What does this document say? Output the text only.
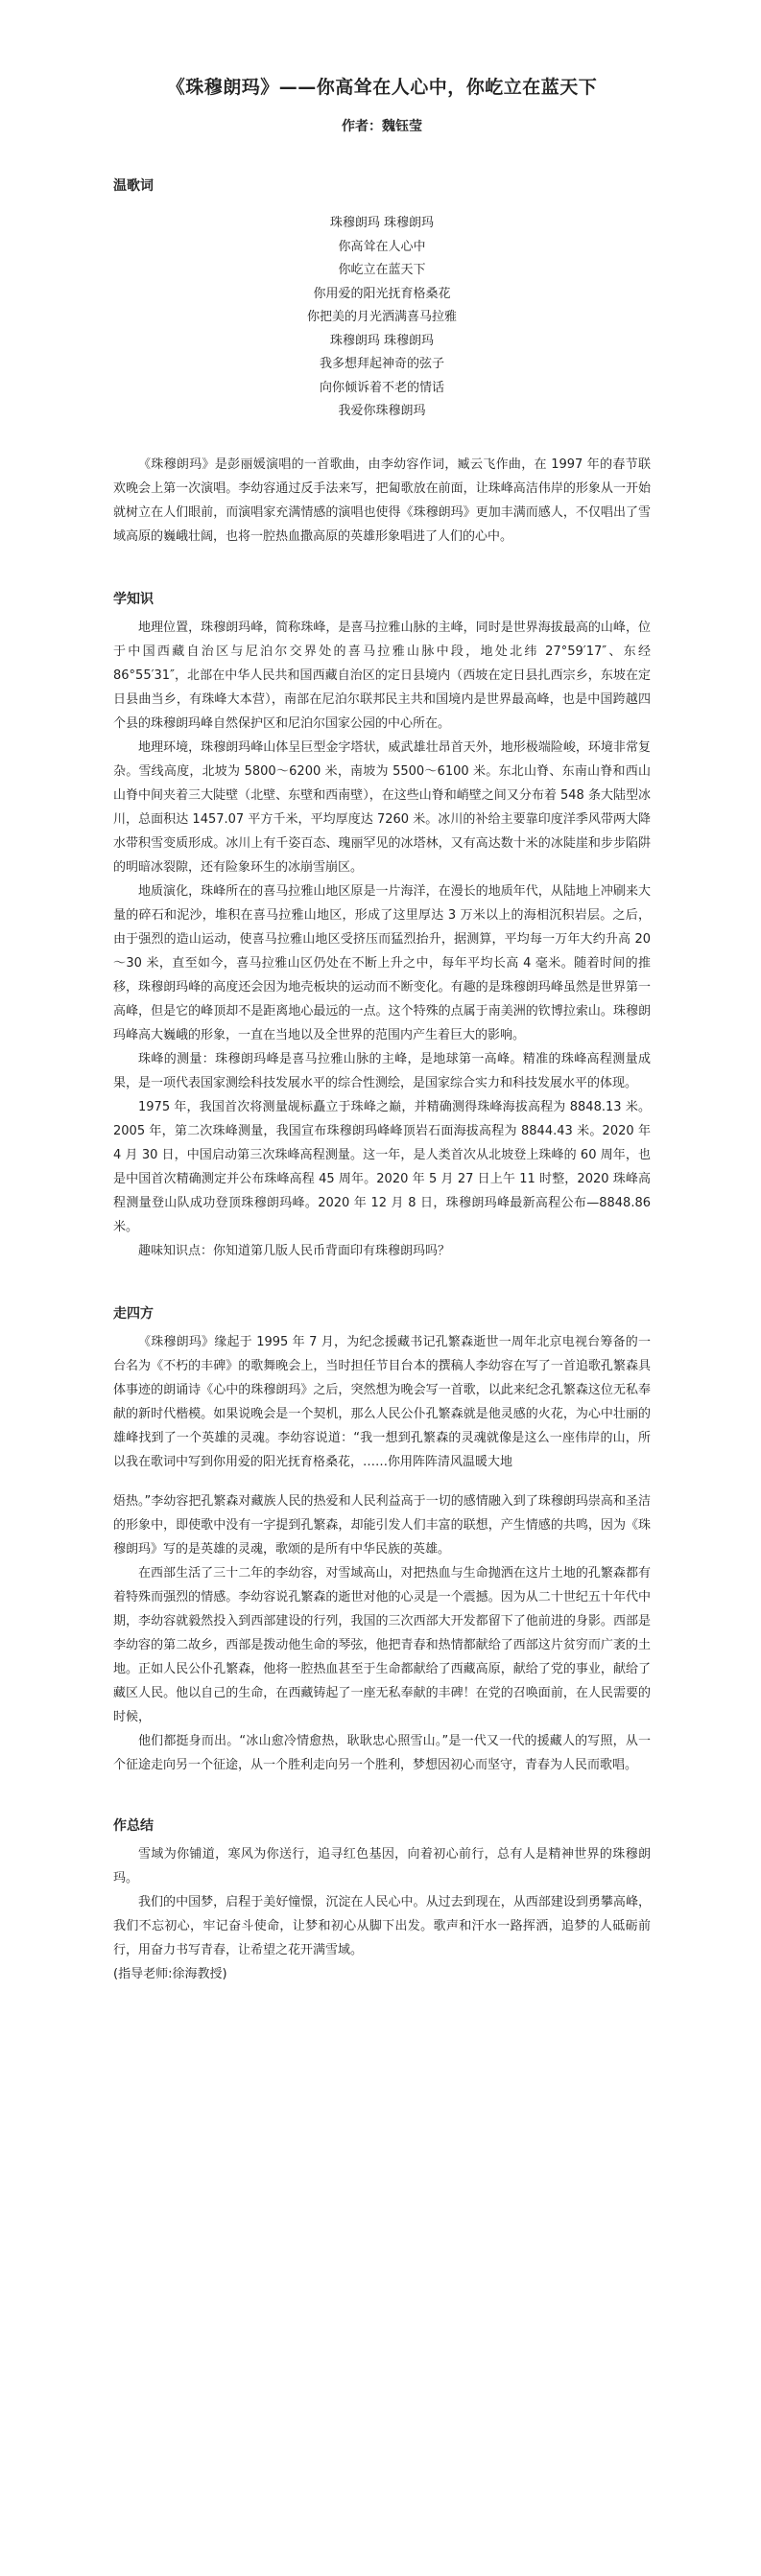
《珠穆朗玛》——你高耸在人心中，你屹立在蓝天下
作者：魏钰莹
温歌词
珠穆朗玛 珠穆朗玛
你高耸在人心中
你屹立在蓝天下
你用爱的阳光抚育格桑花
你把美的月光洒满喜马拉雅
珠穆朗玛 珠穆朗玛
我多想拜起神奇的弦子
向你倾诉着不老的情话
我爱你珠穆朗玛

《珠穆朗玛》是彭丽媛演唱的一首歌曲，由李幼容作词，臧云飞作曲，在 1997 年的春节联欢晚会上第一次演唱。李幼容通过反手法来写，把匐歌放在前面，让珠峰高洁伟岸的形象从一开始就树立在人们眼前，而演唱家充满情感的演唱也使得《珠穆朗玛》更加丰满而感人，不仅唱出了雪域高原的巍峨壮阔，也将一腔热血撒高原的英雄形象唱进了人们的心中。

学知识

地理位置，珠穆朗玛峰，简称珠峰，是喜马拉雅山脉的主峰，同时是世界海拔最高的山峰，位于中国西藏自治区与尼泊尔交界处的喜马拉雅山脉中段，地处北纬 27°59′17″、东经 86°55′31″，北部在中华人民共和国西藏自治区的定日县境内（西坡在定日县扎西宗乡，东坡在定日县曲当乡，有珠峰大本营），南部在尼泊尔联邦民主共和国境内是世界最高峰，也是中国跨越四个县的珠穆朗玛峰自然保护区和尼泊尔国家公园的中心所在。

地理环境，珠穆朗玛峰山体呈巨型金字塔状，威武雄壮昂首天外，地形极端险峻，环境非常复杂。雪线高度，北坡为 5800～6200 米，南坡为 5500～6100 米。东北山脊、东南山脊和西山山脊中间夹着三大陡壁（北壁、东壁和西南壁），在这些山脊和峭壁之间又分布着 548 条大陆型冰川，总面积达 1457.07 平方千米，平均厚度达 7260 米。冰川的补给主要靠印度洋季风带两大降水带积雪变质形成。冰川上有千姿百态、瑰丽罕见的冰塔林，又有高达数十米的冰陡崖和步步陷阱的明暗冰裂隙，还有险象环生的冰崩雪崩区。

地质演化，珠峰所在的喜马拉雅山地区原是一片海洋，在漫长的地质年代，从陆地上冲刷来大量的碎石和泥沙，堆积在喜马拉雅山地区，形成了这里厚达 3 万米以上的海相沉积岩层。之后，由于强烈的造山运动，使喜马拉雅山地区受挤压而猛烈抬升，据测算，平均每一万年大约升高 20～30 米，直至如今，喜马拉雅山区仍处在不断上升之中，每年平均长高 4 毫米。随着时间的推移，珠穆朗玛峰的高度还会因为地壳板块的运动而不断变化。有趣的是珠穆朗玛峰虽然是世界第一高峰，但是它的峰顶却不是距离地心最远的一点。这个特殊的点属于南美洲的钦博拉索山。珠穆朗玛峰高大巍峨的形象，一直在当地以及全世界的范围内产生着巨大的影响。

珠峰的测量：珠穆朗玛峰是喜马拉雅山脉的主峰，是地球第一高峰。精准的珠峰高程测量成果，是一项代表国家测绘科技发展水平的综合性测绘，是国家综合实力和科技发展水平的体现。

1975 年，我国首次将测量觇标矗立于珠峰之巅，并精确测得珠峰海拔高程为 8848.13 米。2005 年，第二次珠峰测量，我国宣布珠穆朗玛峰峰顶岩石面海拔高程为 8844.43 米。2020 年 4 月 30 日，中国启动第三次珠峰高程测量。这一年，是人类首次从北坡登上珠峰的 60 周年，也是中国首次精确测定并公布珠峰高程 45 周年。2020 年 5 月 27 日上午 11 时整，2020 珠峰高程测量登山队成功登顶珠穆朗玛峰。2020 年 12 月 8 日，珠穆朗玛峰最新高程公布—8848.86 米。

趣味知识点：你知道第几版人民币背面印有珠穆朗玛吗？

走四方

《珠穆朗玛》缘起于 1995 年 7 月，为纪念援藏书记孔繁森逝世一周年北京电视台筹备的一台名为《不朽的丰碑》的歌舞晚会上，当时担任节目台本的撰稿人李幼容在写了一首追歌孔繁森具体事迹的朗诵诗《心中的珠穆朗玛》之后，突然想为晚会写一首歌，以此来纪念孔繁森这位无私奉献的新时代楷模。如果说晚会是一个契机，那么人民公仆孔繁森就是他灵感的火花，为心中壮丽的雄峰找到了一个英雄的灵魂。李幼容说道：“我一想到孔繁森的灵魂就像是这么一座伟岸的山，所以我在歌词中写到你用爱的阳光抚育格桑花，……你用阵阵清风温暖大地

焐热。”李幼容把孔繁森对藏族人民的热爱和人民利益高于一切的感情融入到了珠穆朗玛崇高和圣洁的形象中，即使歌中没有一字提到孔繁森，却能引发人们丰富的联想，产生情感的共鸣，因为《珠穆朗玛》写的是英雄的灵魂，歌颂的是所有中华民族的英雄。

在西部生活了三十二年的李幼容，对雪域高山，对把热血与生命抛洒在这片土地的孔繁森都有着特殊而强烈的情感。李幼容说孔繁森的逝世对他的心灵是一个震撼。因为从二十世纪五十年代中期，李幼容就毅然投入到西部建设的行列，我国的三次西部大开发都留下了他前进的身影。西部是李幼容的第二故乡，西部是拨动他生命的琴弦，他把青春和热情都献给了西部这片贫穷而广袤的土地。正如人民公仆孔繁森，他将一腔热血甚至于生命都献给了西藏高原，献给了党的事业，献给了藏区人民。他以自己的生命，在西藏铸起了一座无私奉献的丰碑！在党的召唤面前，在人民需要的时候，

他们都挺身而出。“冰山愈冷情愈热，耿耿忠心照雪山。”是一代又一代的援藏人的写照，从一个征途走向另一个征途，从一个胜利走向另一个胜利，梦想因初心而坚守，青春为人民而歌唱。

作总结

雪域为你铺道，寒风为你送行，追寻红色基因，向着初心前行，总有人是精神世界的珠穆朗玛。

我们的中国梦，启程于美好憧憬，沉淀在人民心中。从过去到现在，从西部建设到勇攀高峰，我们不忘初心，牢记奋斗使命，让梦和初心从脚下出发。歌声和汗水一路挥洒，追梦的人砥砺前行，用奋力书写青春，让希望之花开满雪域。

(指导老师:徐海教授)
